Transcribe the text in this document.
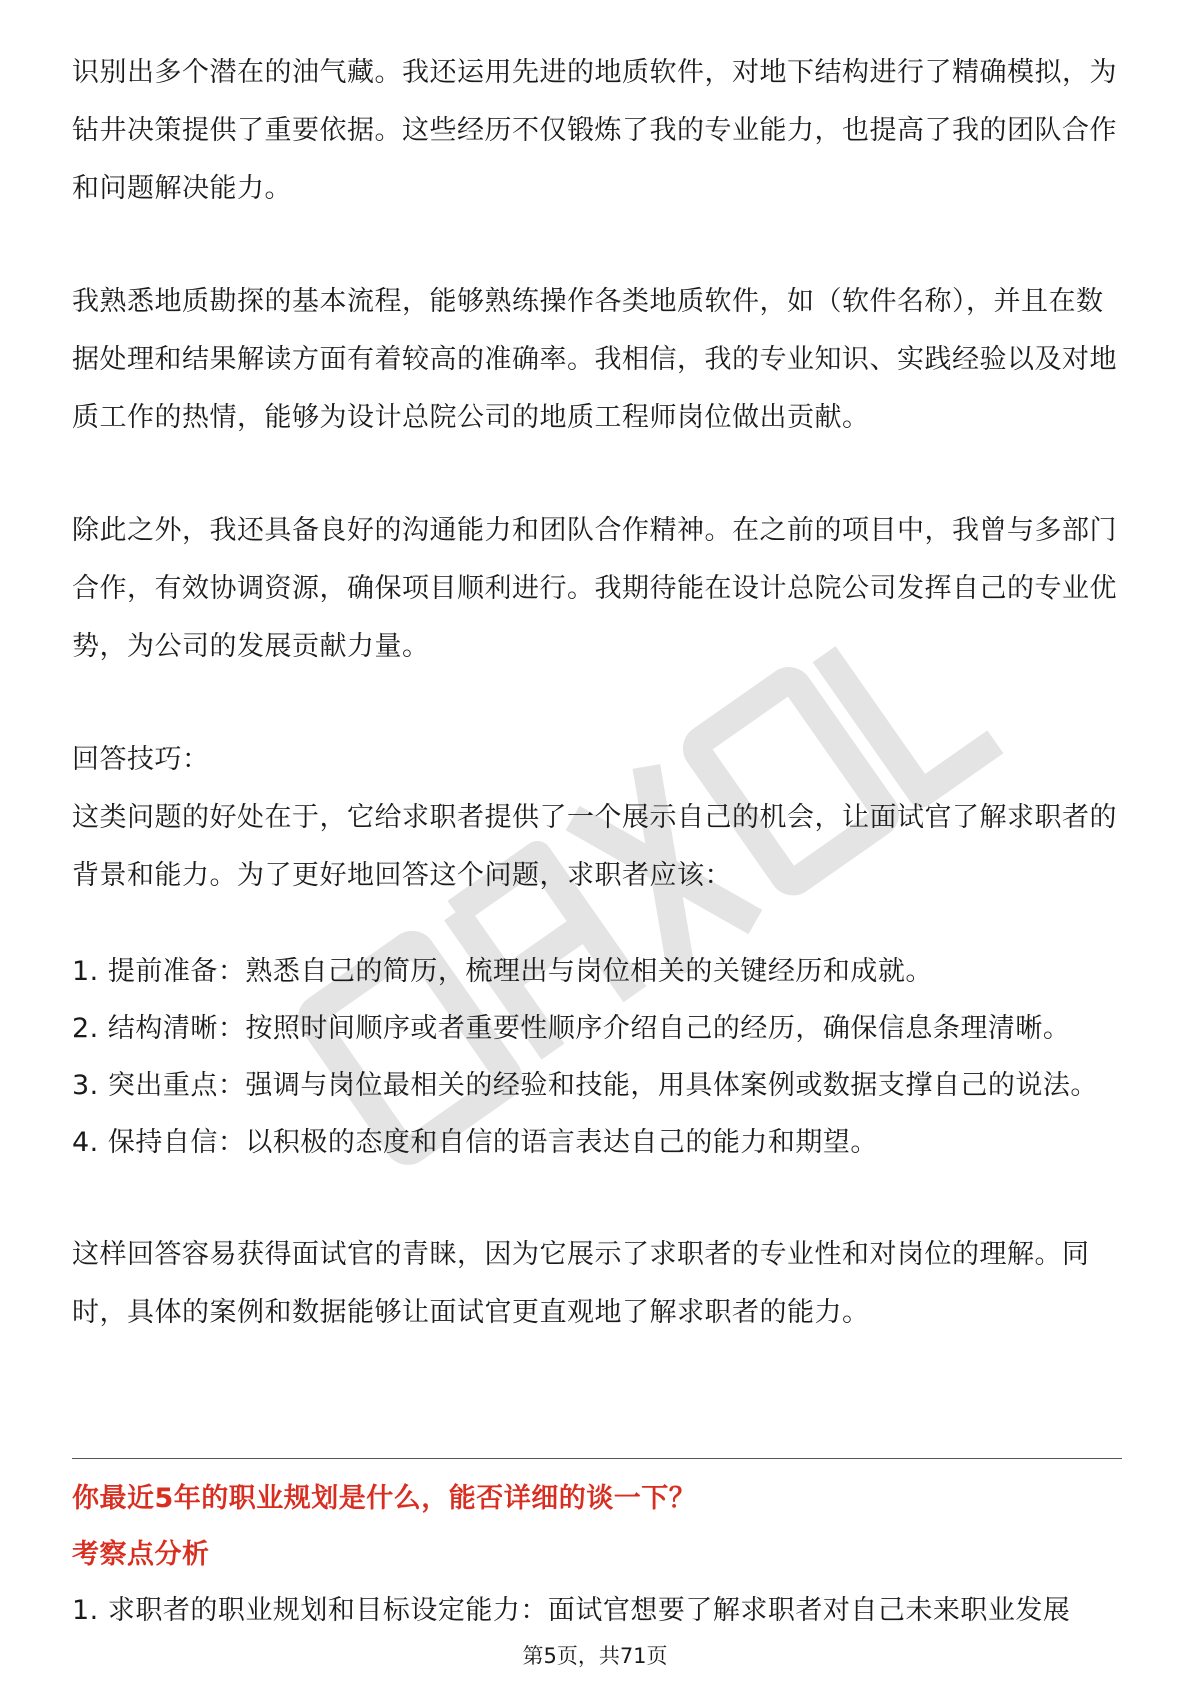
识别出多个潜在的油气藏。我还运用先进的地质软件，对地下结构进行了精确模拟，为钻井决策提供了重要依据。这些经历不仅锻炼了我的专业能力，也提高了我的团队合作和问题解决能力。

我熟悉地质勘探的基本流程，能够熟练操作各类地质软件，如（软件名称），并且在数据处理和结果解读方面有着较高的准确率。我相信，我的专业知识、实践经验以及对地质工作的热情，能够为设计总院公司的地质工程师岗位做出贡献。

除此之外，我还具备良好的沟通能力和团队合作精神。在之前的项目中，我曾与多部门合作，有效协调资源，确保项目顺利进行。我期待能在设计总院公司发挥自己的专业优势，为公司的发展贡献力量。

回答技巧：

这类问题的好处在于，它给求职者提供了一个展示自己的机会，让面试官了解求职者的背景和能力。为了更好地回答这个问题，求职者应该：

1. 提前准备：熟悉自己的简历，梳理出与岗位相关的关键经历和成就。
2. 结构清晰：按照时间顺序或者重要性顺序介绍自己的经历，确保信息条理清晰。
3. 突出重点：强调与岗位最相关的经验和技能，用具体案例或数据支撑自己的说法。
4. 保持自信：以积极的态度和自信的语言表达自己的能力和期望。

这样回答容易获得面试官的青睐，因为它展示了求职者的专业性和对岗位的理解。同时，具体的案例和数据能够让面试官更直观地了解求职者的能力。

你最近5年的职业规划是什么，能否详细的谈一下？

考察点分析

1. 求职者的职业规划和目标设定能力：面试官想要了解求职者对自己未来职业发展

第5页，共71页
